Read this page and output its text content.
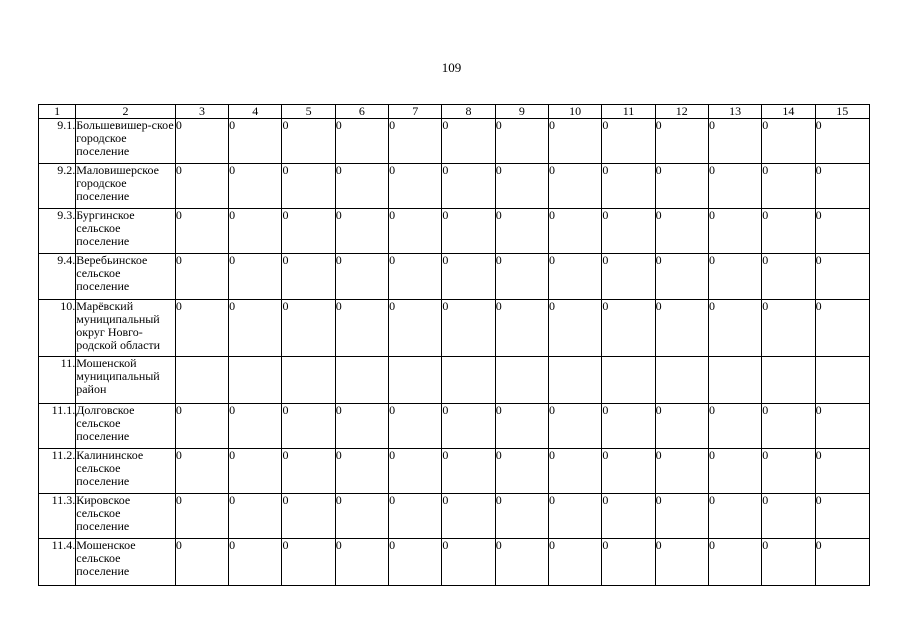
109
1	2	3	4	5	6	7	8	9	10	11	12	13	14	15
9.1.	Большевишер-ское городское поселение	0	0	0	0	0	0	0	0	0	0	0	0	0
9.2.	Маловишерское городское поселение	0	0	0	0	0	0	0	0	0	0	0	0	0
9.3.	Бургинское сельское поселение	0	0	0	0	0	0	0	0	0	0	0	0	0
9.4.	Веребьинское сельское поселение	0	0	0	0	0	0	0	0	0	0	0	0	0
10.	Марёвский муниципальный округ Новго-родской области	0	0	0	0	0	0	0	0	0	0	0	0	0
11.	Мошенской муниципальный район													
11.1.	Долговское сельское поселение	0	0	0	0	0	0	0	0	0	0	0	0	0
11.2.	Калининское сельское поселение	0	0	0	0	0	0	0	0	0	0	0	0	0
11.3.	Кировское сельское поселение	0	0	0	0	0	0	0	0	0	0	0	0	0
11.4.	Мошенское сельское поселение	0	0	0	0	0	0	0	0	0	0	0	0	0
